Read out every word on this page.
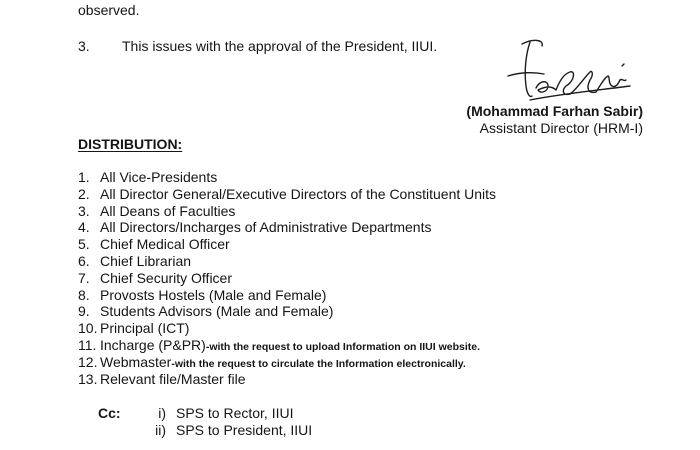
observed.
3. This issues with the approval of the President, IIUI.
(Mohammad Farhan Sabir)
Assistant Director (HRM-I)
DISTRIBUTION:
1. All Vice-Presidents
2. All Director General/Executive Directors of the Constituent Units
3. All Deans of Faculties
4. All Directors/Incharges of Administrative Departments
5. Chief Medical Officer
6. Chief Librarian
7. Chief Security Officer
8. Provosts Hostels (Male and Female)
9. Students Advisors (Male and Female)
10. Principal (ICT)
11. Incharge (P&PR)-with the request to upload Information on IIUI website.
12. Webmaster-with the request to circulate the Information electronically.
13. Relevant file/Master file
Cc:	i) SPS to Rector, IIUI
ii) SPS to President, IIUI
